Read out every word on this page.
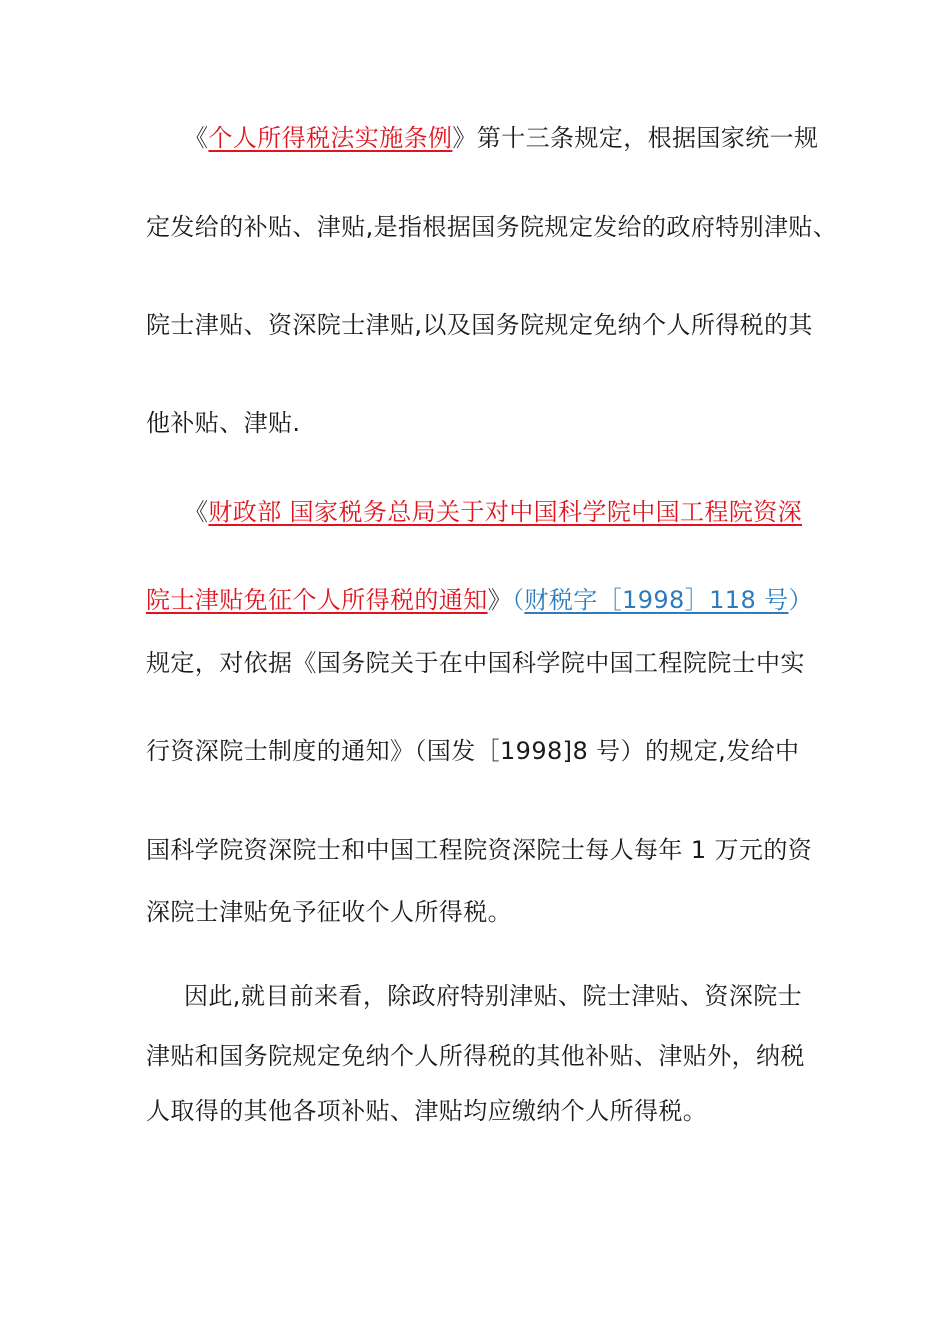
《个人所得税法实施条例》第十三条规定，根据国家统一规
定发给的补贴、津贴,是指根据国务院规定发给的政府特别津贴、
院士津贴、资深院士津贴,以及国务院规定免纳个人所得税的其
他补贴、津贴.
《财政部 国家税务总局关于对中国科学院中国工程院资深
院士津贴免征个人所得税的通知》（财税字［1998］118 号）
规定，对依据《国务院关于在中国科学院中国工程院院士中实
行资深院士制度的通知》（国发［1998]8 号）的规定,发给中
国科学院资深院士和中国工程院资深院士每人每年 1 万元的资
深院士津贴免予征收个人所得税。
因此,就目前来看，除政府特别津贴、院士津贴、资深院士
津贴和国务院规定免纳个人所得税的其他补贴、津贴外，纳税
人取得的其他各项补贴、津贴均应缴纳个人所得税。
